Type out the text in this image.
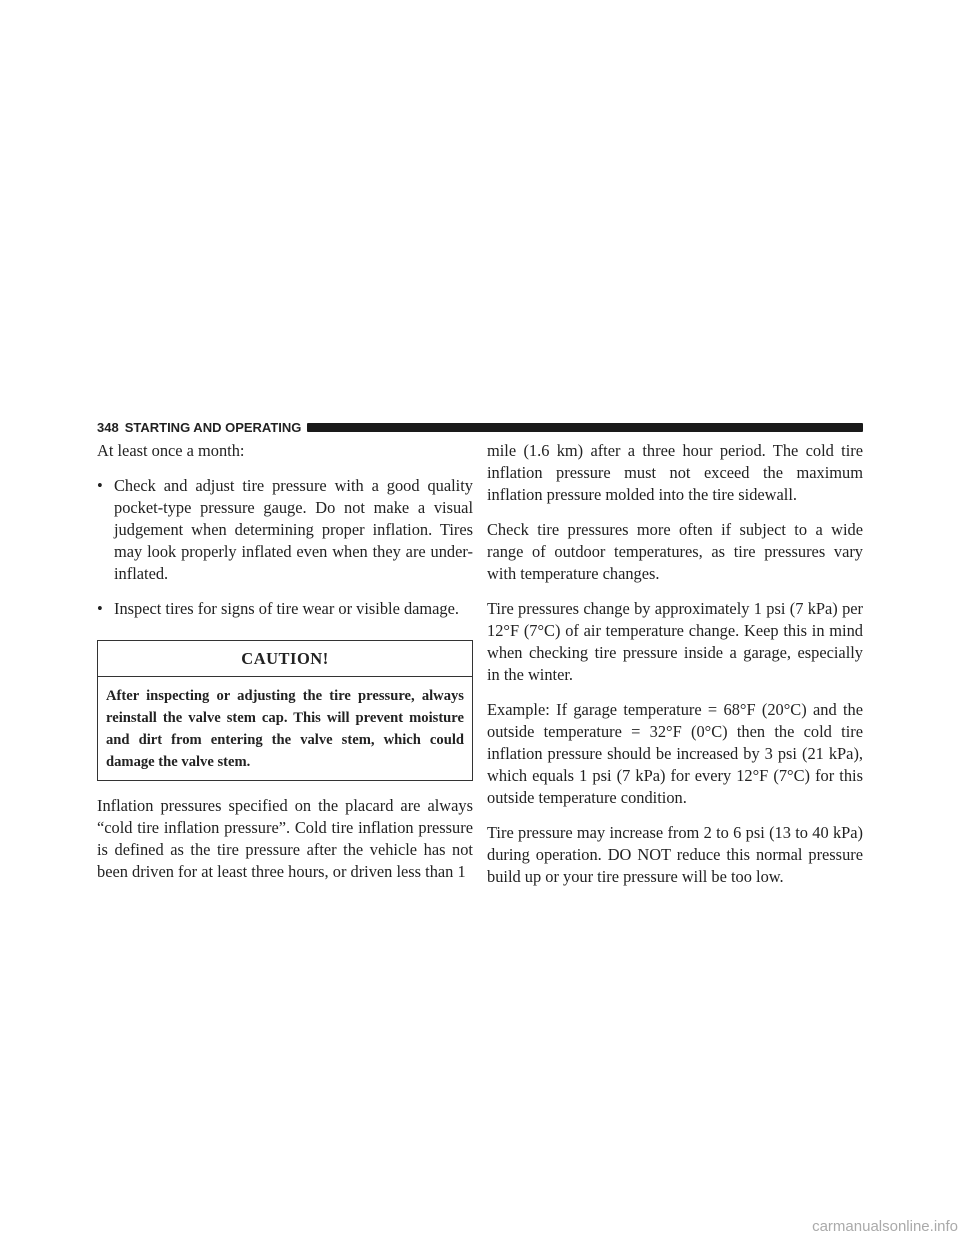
348 STARTING AND OPERATING

At least once a month:

• Check and adjust tire pressure with a good quality pocket-type pressure gauge. Do not make a visual judgement when determining proper inflation. Tires may look properly inflated even when they are under-inflated.
• Inspect tires for signs of tire wear or visible damage.
CAUTION!
After inspecting or adjusting the tire pressure, always reinstall the valve stem cap. This will prevent moisture and dirt from entering the valve stem, which could damage the valve stem.

Inflation pressures specified on the placard are always “cold tire inflation pressure”. Cold tire inflation pressure is defined as the tire pressure after the vehicle has not been driven for at least three hours, or driven less than 1

mile (1.6 km) after a three hour period. The cold tire inflation pressure must not exceed the maximum inflation pressure molded into the tire sidewall.

Check tire pressures more often if subject to a wide range of outdoor temperatures, as tire pressures vary with temperature changes.

Tire pressures change by approximately 1 psi (7 kPa) per 12°F (7°C) of air temperature change. Keep this in mind when checking tire pressure inside a garage, especially in the winter.

Example: If garage temperature = 68°F (20°C) and the outside temperature = 32°F (0°C) then the cold tire inflation pressure should be increased by 3 psi (21 kPa), which equals 1 psi (7 kPa) for every 12°F (7°C) for this outside temperature condition.

Tire pressure may increase from 2 to 6 psi (13 to 40 kPa) during operation. DO NOT reduce this normal pressure build up or your tire pressure will be too low.

carmanualsonline.info
